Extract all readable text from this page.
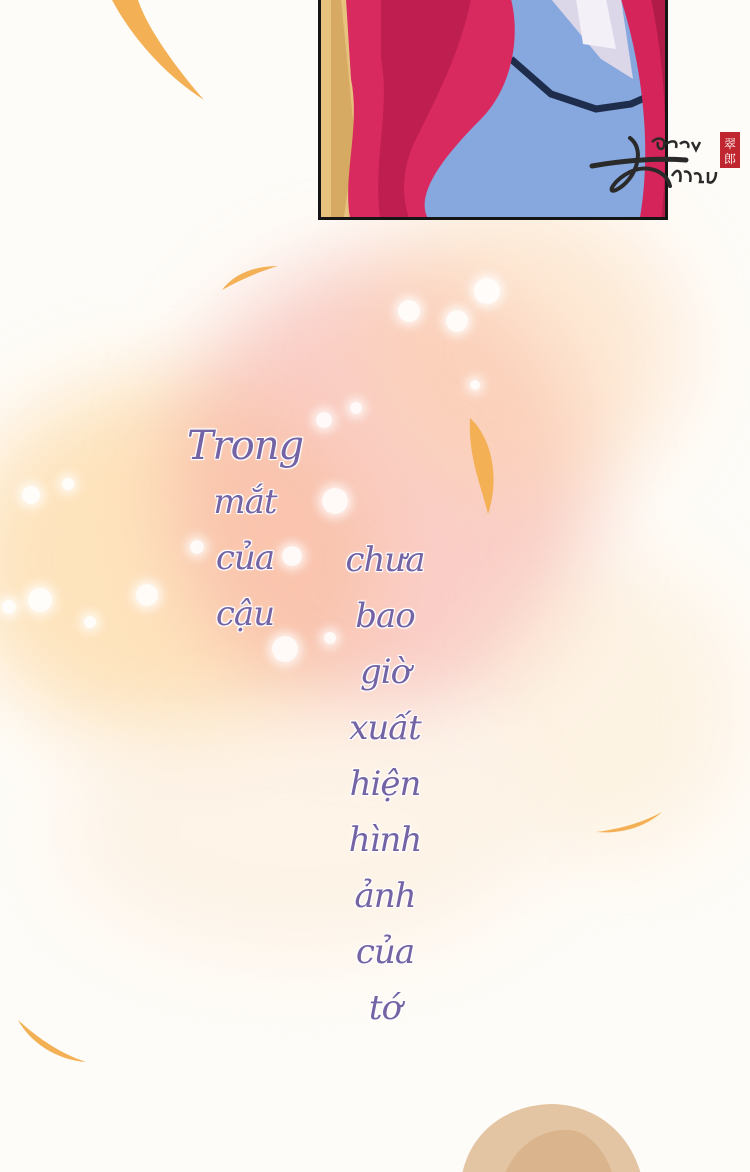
翠
郎
Trong
mắt
của
cậu
chưa
bao
giờ
xuất
hiện
hình
ảnh
của
tớ
